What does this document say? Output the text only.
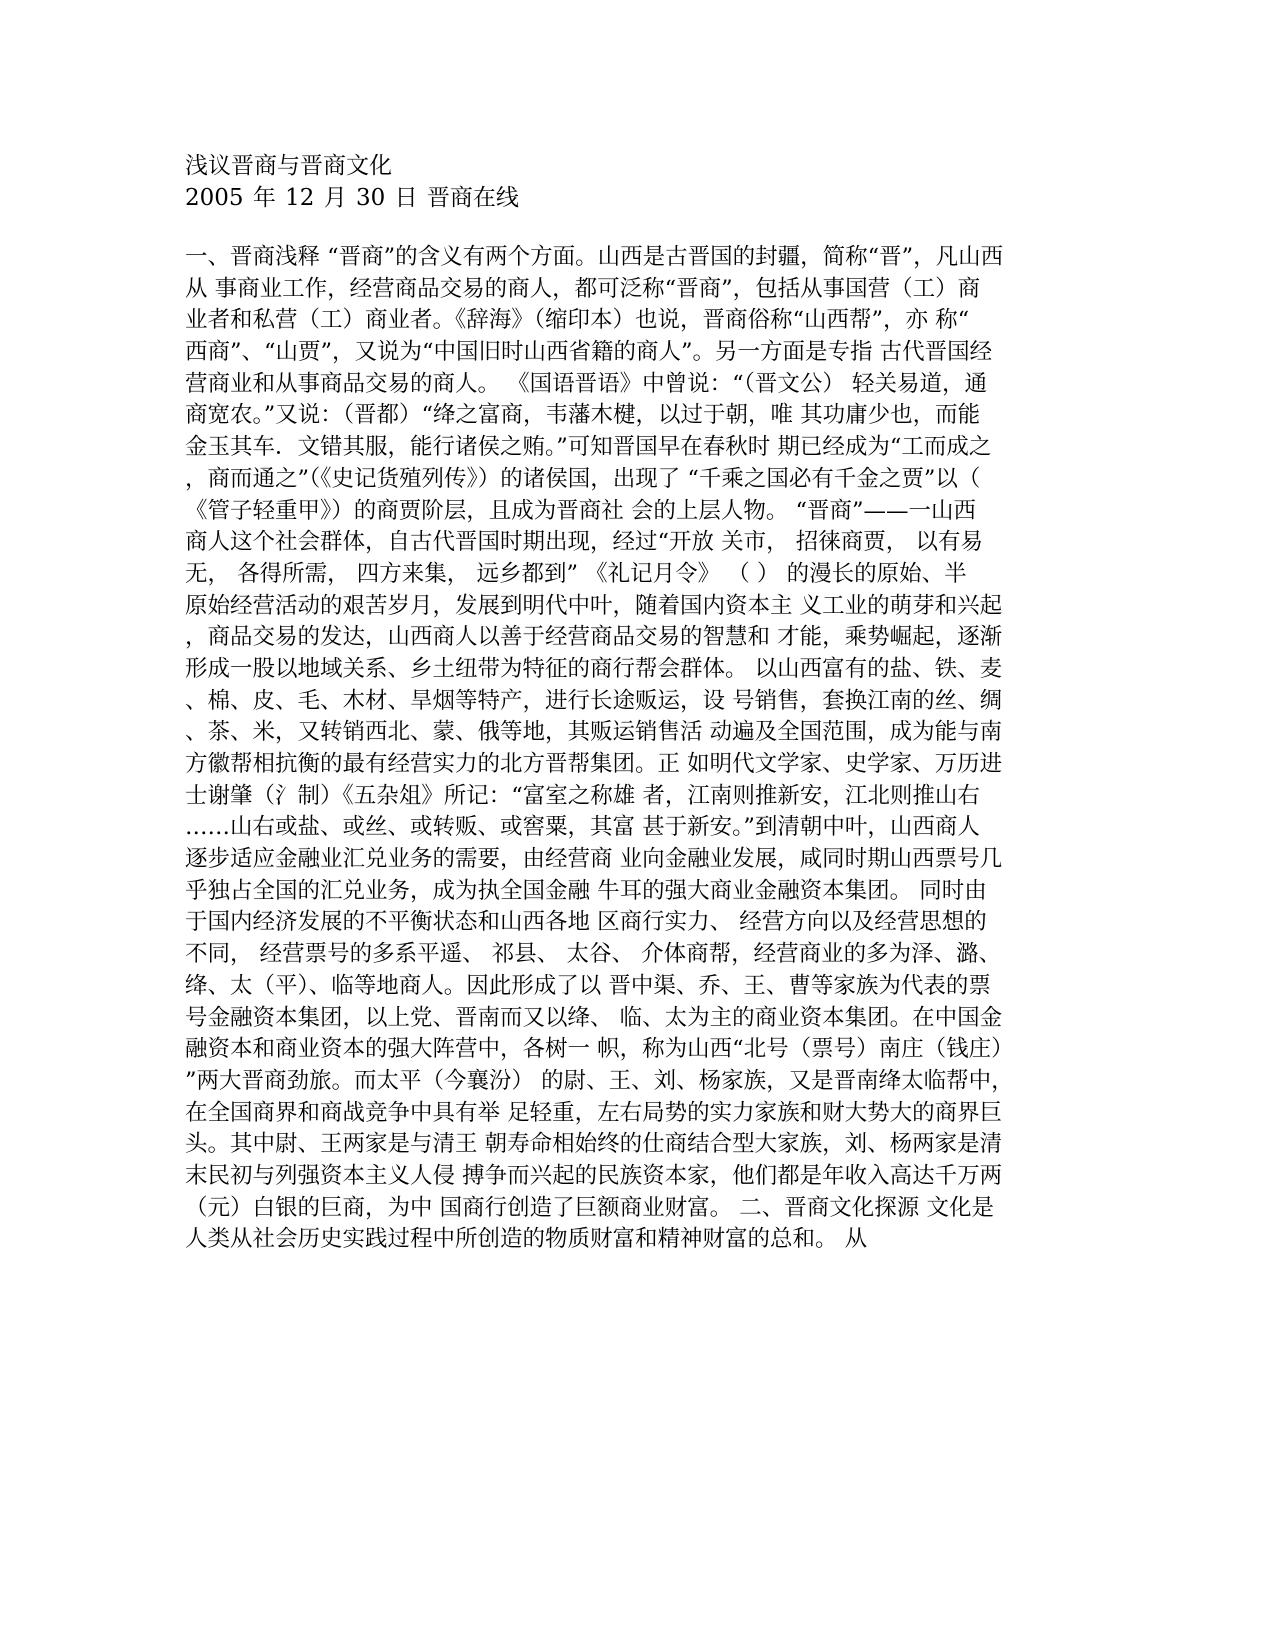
浅议晋商与晋商文化

2005 年 12 月 30 日 晋商在线

一、晋商浅释 “晋商”的含义有两个方面。山西是古晋国的封疆，简称“晋”，凡山西
从 事商业工作，经营商品交易的商人，都可泛称“晋商”，包括从事国营（工）商
业者和私营（工）商业者。《辞海》（缩印本）也说，晋商俗称“山西帮”，亦 称“
西商”、“山贾”，又说为“中国旧时山西省籍的商人”。另一方面是专指 古代晋国经
营商业和从事商品交易的商人。 《国语晋语》中曾说：“（晋文公） 轻关易道，通
商宽农。”又说：（晋都）“绛之富商，韦藩木楗，以过于朝，唯 其功庸少也，而能
金玉其车．文错其服，能行诸侯之贿。”可知晋国早在春秋时 期已经成为“工而成之
，商而通之”（《史记货殖列传》）的诸侯国，出现了 “千乘之国必有千金之贾”以（
《管子轻重甲》）的商贾阶层，且成为晋商社 会的上层人物。 “晋商”——一山西
商人这个社会群体，自古代晋国时期出现，经过“开放 关市， 招徕商贾， 以有易
无， 各得所需， 四方来集， 远乡都到” 《礼记月令》 （ ） 的漫长的原始、半
原始经营活动的艰苦岁月，发展到明代中叶，随着国内资本主 义工业的萌芽和兴起
，商品交易的发达，山西商人以善于经营商品交易的智慧和 才能，乘势崛起，逐渐
形成一股以地域关系、乡土纽带为特征的商行帮会群体。 以山西富有的盐、铁、麦
、棉、皮、毛、木材、旱烟等特产，进行长途贩运，设 号销售，套换江南的丝、绸
、茶、米，又转销西北、蒙、俄等地，其贩运销售活 动遍及全国范围，成为能与南
方徽帮相抗衡的最有经营实力的北方晋帮集团。正 如明代文学家、史学家、万历进
士谢肇（氵制）《五杂俎》所记：“富室之称雄 者，江南则推新安，江北则推山右
……山右或盐、或丝、或转贩、或窖粟，其富 甚于新安。”到清朝中叶，山西商人
逐步适应金融业汇兑业务的需要，由经营商 业向金融业发展，咸同时期山西票号几
乎独占全国的汇兑业务，成为执全国金融 牛耳的强大商业金融资本集团。 同时由
于国内经济发展的不平衡状态和山西各地 区商行实力、 经营方向以及经营思想的
不同， 经营票号的多系平遥、 祁县、 太谷、 介体商帮，经营商业的多为泽、潞、
绛、太（平）、临等地商人。因此形成了以 晋中渠、乔、王、曹等家族为代表的票
号金融资本集团，以上党、晋南而又以绛、 临、太为主的商业资本集团。在中国金
融资本和商业资本的强大阵营中，各树一 帜，称为山西“北号（票号）南庄（钱庄）
”两大晋商劲旅。而太平（今襄汾） 的尉、王、刘、杨家族，又是晋南绛太临帮中，
在全国商界和商战竞争中具有举 足轻重，左右局势的实力家族和财大势大的商界巨
头。其中尉、王两家是与清王 朝寿命相始终的仕商结合型大家族，刘、杨两家是清
末民初与列强资本主义人侵 搏争而兴起的民族资本家，他们都是年收入高达千万两
（元）白银的巨商，为中 国商行创造了巨额商业财富。 二、晋商文化探源 文化是
人类从社会历史实践过程中所创造的物质财富和精神财富的总和。 从
